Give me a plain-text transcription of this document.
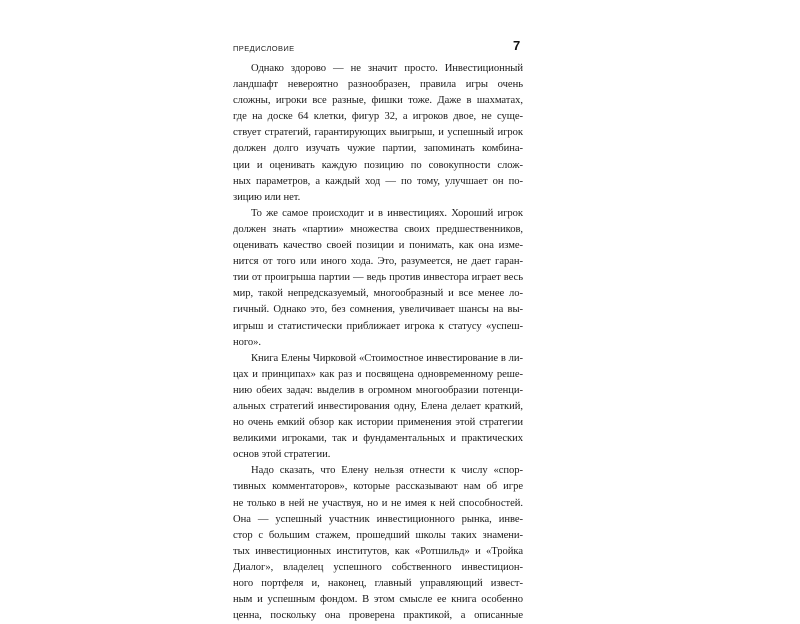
ПРЕДИСЛОВИЕ	7
Однако здорово — не значит просто. Инвестиционный
ландшафт невероятно разнообразен, правила игры очень
сложны, игроки все разные, фишки тоже. Даже в шахматах,
где на доске 64 клетки, фигур 32, а игроков двое, не суще-
ствует стратегий, гарантирующих выигрыш, и успешный игрок
должен долго изучать чужие партии, запоминать комбина-
ции и оценивать каждую позицию по совокупности слож-
ных параметров, а каждый ход — по тому, улучшает он по-
зицию или нет.
То же самое происходит и в инвестициях. Хороший игрок
должен знать «партии» множества своих предшественников,
оценивать качество своей позиции и понимать, как она изме-
нится от того или иного хода. Это, разумеется, не дает гаран-
тии от проигрыша партии — ведь против инвестора играет весь
мир, такой непредсказуемый, многообразный и все менее ло-
гичный. Однако это, без сомнения, увеличивает шансы на вы-
игрыш и статистически приближает игрока к статусу «успеш-
ного».
Книга Елены Чирковой «Стоимостное инвестирование в ли-
цах и принципах» как раз и посвящена одновременному решe-
нию обеих задач: выделив в огромном многообразии потенци-
альных стратегий инвестирования одну, Елена делает краткий,
но очень емкий обзор как истории применения этой стратегии
великими игроками, так и фундаментальных и практических
основ этой стратегии.
Надо сказать, что Елену нельзя отнести к числу «спор-
тивных комментаторов», которые рассказывают нам об игре
не только в ней не участвуя, но и не имея к ней способностей.
Она — успешный участник инвестиционного рынка, инве-
стор с большим стажем, прошедший школы таких знамени-
тых инвестиционных институтов, как «Ротшильд» и «Тройка
Диалог», владелец успешного собственного инвестицион-
ного портфеля и, наконец, главный управляющий извест-
ным и успешным фондом. В этом смысле ее книга особенно
ценна, поскольку она проверена практикой, а описанные
